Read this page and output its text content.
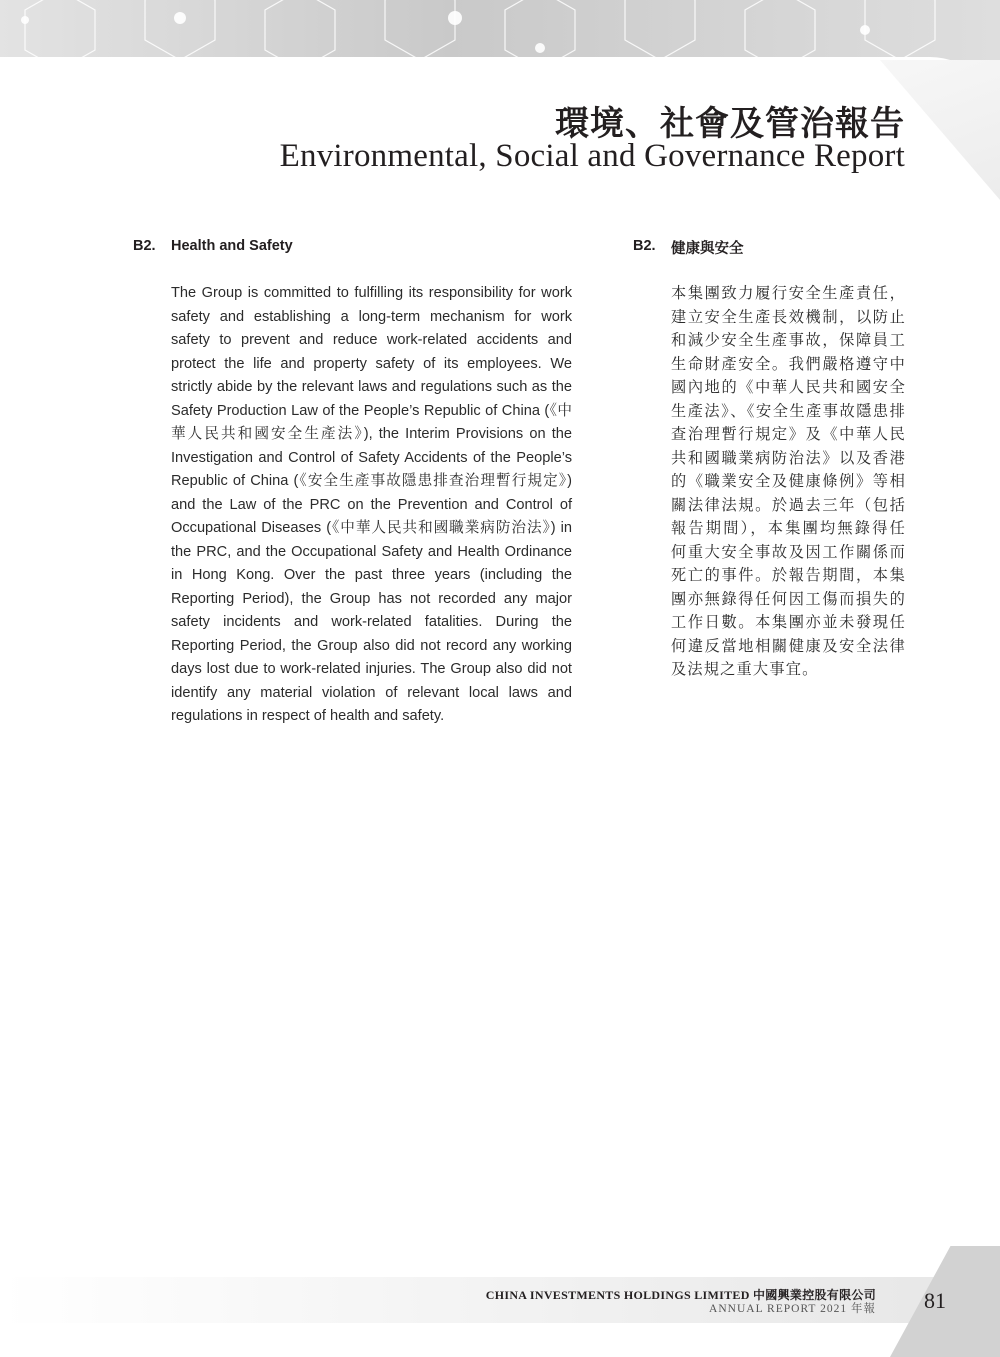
環境、社會及管治報告
Environmental, Social and Governance Report
B2. Health and Safety

The Group is committed to fulfilling its responsibility for work safety and establishing a long-term mechanism for work safety to prevent and reduce work-related accidents and protect the life and property safety of its employees. We strictly abide by the relevant laws and regulations such as the Safety Production Law of the People’s Republic of China (《中華人民共和國安全生產法》), the Interim Provisions on the Investigation and Control of Safety Accidents of the People’s Republic of China (《安全生產事故隱患排查治理暫行規定》) and the Law of the PRC on the Prevention and Control of Occupational Diseases (《中華人民共和國職業病防治法》) in the PRC, and the Occupational Safety and Health Ordinance in Hong Kong. Over the past three years (including the Reporting Period), the Group has not recorded any major safety incidents and work-related fatalities. During the Reporting Period, the Group also did not record any working days lost due to work-related injuries. The Group also did not identify any material violation of relevant local laws and regulations in respect of health and safety.

B2. 健康與安全

本集團致力履行安全生產責任，建立安全生產長效機制，以防止和減少安全生產事故，保障員工生命財產安全。我們嚴格遵守中國內地的《中華人民共和國安全生產法》、《安全生產事故隱患排查治理暫行規定》及《中華人民共和國職業病防治法》以及香港的《職業安全及健康條例》等相關法律法規。於過去三年（包括報告期間），本集團均無錄得任何重大安全事故及因工作關係而死亡的事件。於報告期間，本集團亦無錄得任何因工傷而損失的工作日數。本集團亦並未發現任何違反當地相關健康及安全法律及法規之重大事宜。

CHINA INVESTMENTS HOLDINGS LIMITED 中國興業控股有限公司
ANNUAL REPORT 2021 年報 81
